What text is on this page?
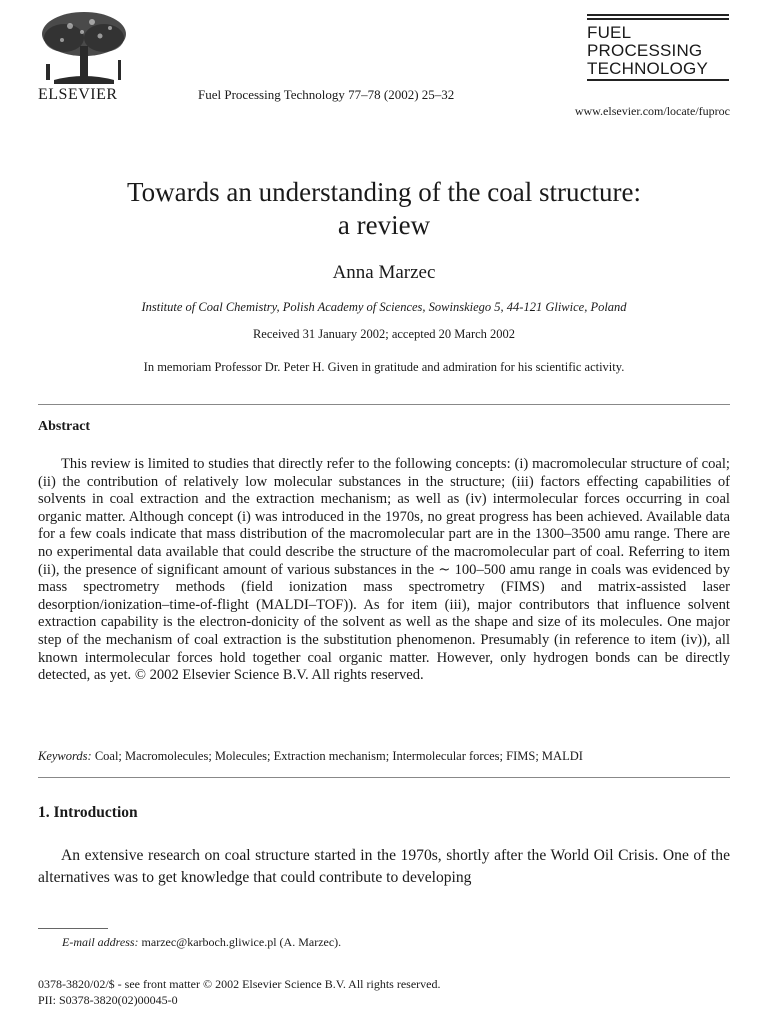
ELSEVIER	Fuel Processing Technology 77–78 (2002) 25–32
FUEL
PROCESSING
TECHNOLOGY
www.elsevier.com/locate/fuproc
Towards an understanding of the coal structure:
a review
Anna Marzec
Institute of Coal Chemistry, Polish Academy of Sciences, Sowinskiego 5, 44-121 Gliwice, Poland
Received 31 January 2002; accepted 20 March 2002
In memoriam Professor Dr. Peter H. Given in gratitude and admiration for his scientific activity.
Abstract
This review is limited to studies that directly refer to the following concepts: (i) macromolecular structure of coal; (ii) the contribution of relatively low molecular substances in the structure; (iii) factors effecting capabilities of solvents in coal extraction and the extraction mechanism; as well as (iv) intermolecular forces occurring in coal organic matter. Although concept (i) was introduced in the 1970s, no great progress has been achieved. Available data for a few coals indicate that mass distribution of the macromolecular part are in the 1300–3500 amu range. There are no experimental data available that could describe the structure of the macromolecular part of coal. Referring to item (ii), the presence of significant amount of various substances in the ∼ 100–500 amu range in coals was evidenced by mass spectrometry methods (field ionization mass spectrometry (FIMS) and matrix-assisted laser desorption/ionization–time-of-flight (MALDI–TOF)). As for item (iii), major contributors that influence solvent extraction capability is the electron-donicity of the solvent as well as the shape and size of its molecules. One major step of the mechanism of coal extraction is the substitution phenomenon. Presumably (in reference to item (iv)), all known intermolecular forces hold together coal organic matter. However, only hydrogen bonds can be directly detected, as yet. © 2002 Elsevier Science B.V. All rights reserved.
Keywords: Coal; Macromolecules; Molecules; Extraction mechanism; Intermolecular forces; FIMS; MALDI
1. Introduction
An extensive research on coal structure started in the 1970s, shortly after the World Oil Crisis. One of the alternatives was to get knowledge that could contribute to developing
E-mail address: marzec@karboch.gliwice.pl (A. Marzec).
0378-3820/02/$ - see front matter © 2002 Elsevier Science B.V. All rights reserved.
PII: S0378-3820(02)00045-0
